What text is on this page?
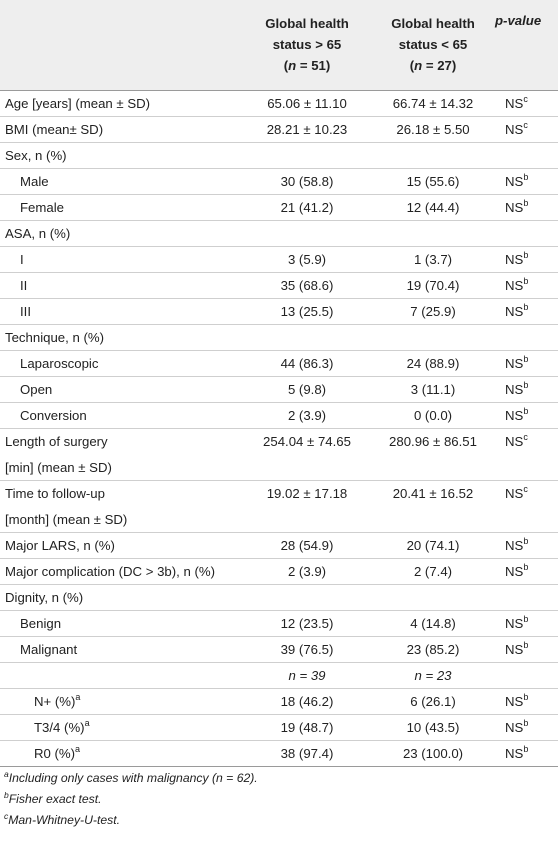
	Global health
status > 65
(n = 51)	Global health
status < 65
(n = 27)	p-value
Age [years] (mean ± SD)	65.06 ± 11.10	66.74 ± 14.32	$NS^c$
BMI (mean± SD)	28.21 ± 10.23	26.18 ± 5.50	$NS^c$
Sex, n (%)			
Male	30 (58.8)	15 (55.6)	$NS^b$
Female	21 (41.2)	12 (44.4)	$NS^b$
ASA, n (%)			
I	3 (5.9)	1 (3.7)	$NS^b$
II	35 (68.6)	19 (70.4)	$NS^b$
III	13 (25.5)	7 (25.9)	$NS^b$
Technique, n (%)			
Laparoscopic	44 (86.3)	24 (88.9)	$NS^b$
Open	5 (9.8)	3 (11.1)	$NS^b$
Conversion	2 (3.9)	0 (0.0)	$NS^b$
Length of surgery	254.04 ± 74.65	280.96 ± 86.51	$NS^c$
[min] (mean ± SD)			
Time to follow-up	19.02 ± 17.18	20.41 ± 16.52	$NS^c$
[month] (mean ± SD)			
Major LARS, n (%)	28 (54.9)	20 (74.1)	$NS^b$
Major complication (DC > 3b), n (%)	2 (3.9)	2 (7.4)	$NS^b$
Dignity, n (%)			
Benign	12 (23.5)	4 (14.8)	$NS^b$
Malignant	39 (76.5)	23 (85.2)	$NS^b$
	n = 39	n = 23	
N+ (%)$^a$	18 (46.2)	6 (26.1)	$NS^b$
T3/4 (%)$^a$	19 (48.7)	10 (43.5)	$NS^b$
R0 (%)$^a$	38 (97.4)	23 (100.0)	$NS^b$
$^a$Including only cases with malignancy (n = 62).
$^b$Fisher exact test.
$^c$Man-Whitney-U-test.
